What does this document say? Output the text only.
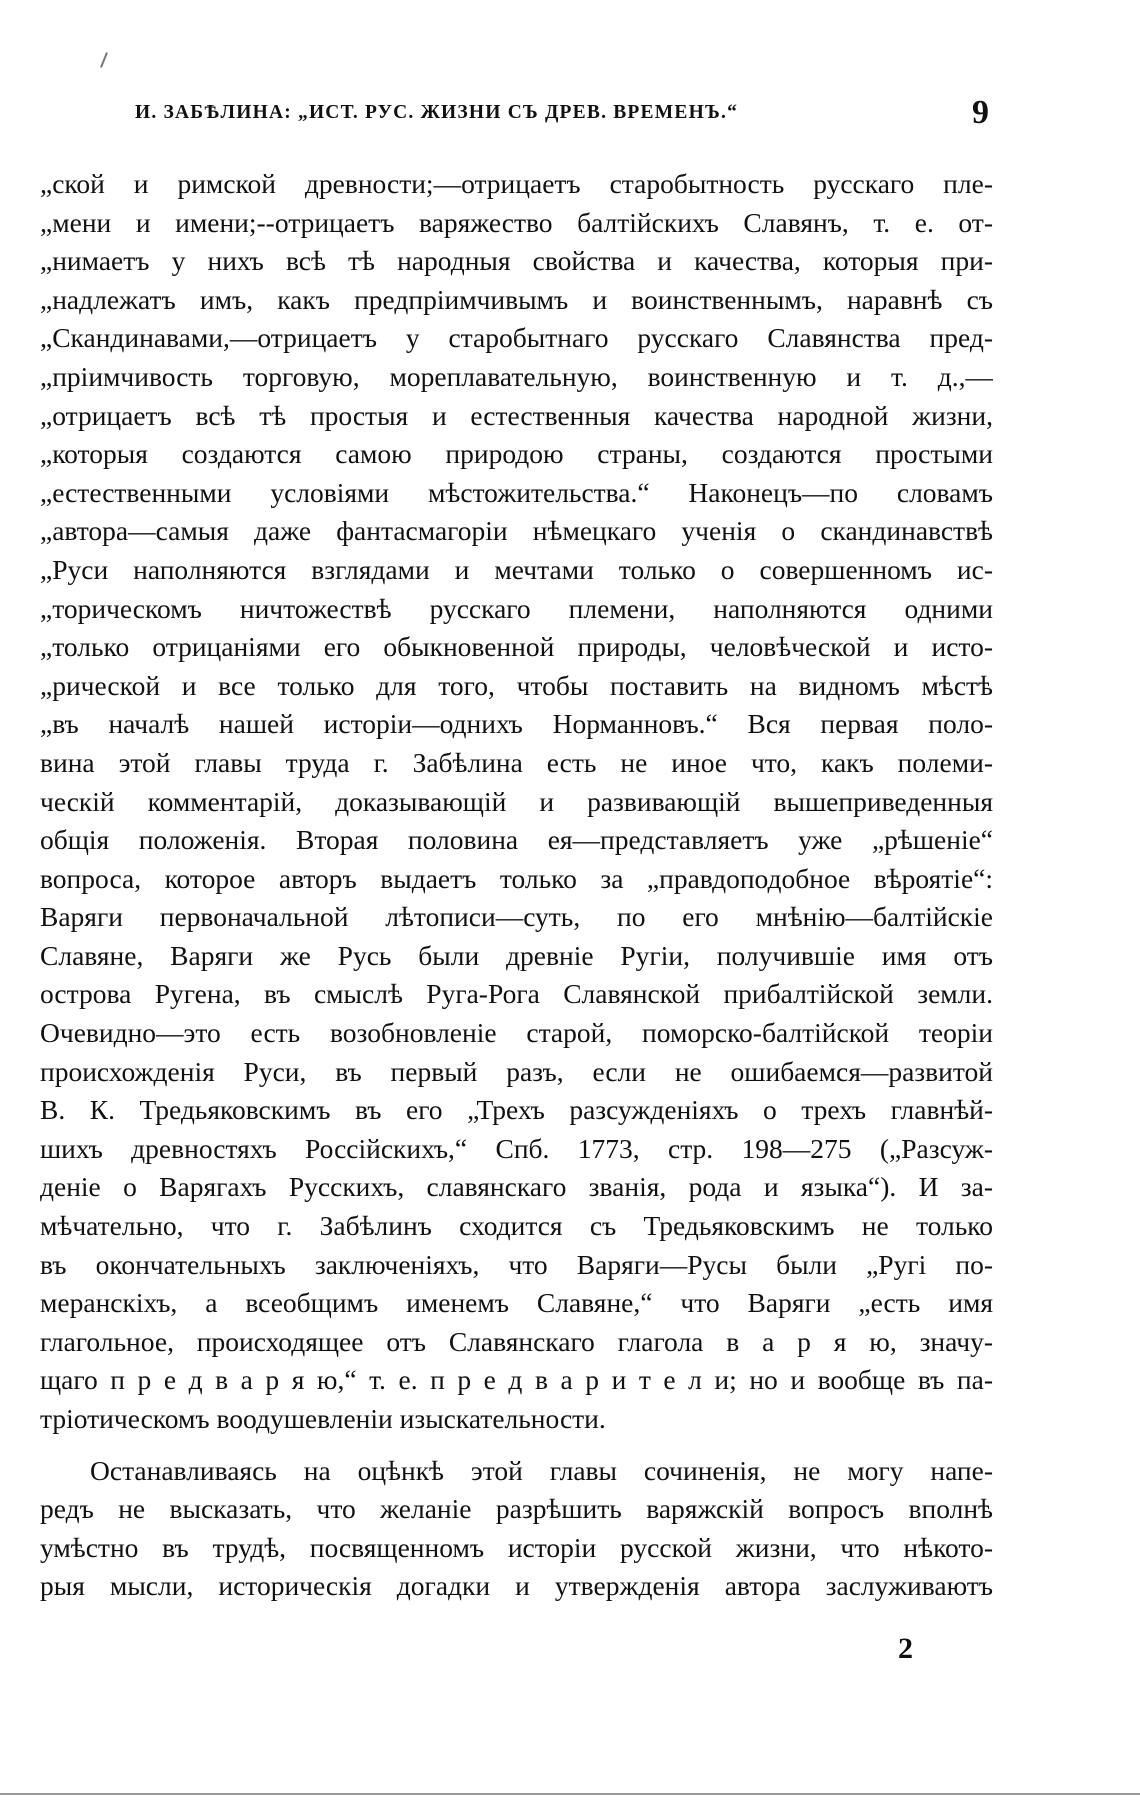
И. ЗАБѢЛИНА: „ИСТ. РУС. ЖИЗНИ СЪ ДРЕВ. ВРЕМЕНЪ.“	9
„ской и римской древности;—отрицаетъ старобытность русскаго пле-
„мени и имени;--отрицаетъ варяжество балтійскихъ Славянъ, т. е. от-
„нимаетъ у нихъ всѣ тѣ народныя свойства и качества, которыя при-
„надлежатъ имъ, какъ предпріимчивымъ и воинственнымъ, наравнѣ съ
„Скандинавами,—отрицаетъ у старобытнаго русскаго Славянства пред-
„пріимчивость торговую, мореплавательную, воинственную и т. д.,—
„отрицаетъ всѣ тѣ простыя и естественныя качества народной жизни,
„которыя создаются самою природою страны, создаются простыми
„естественными условіями мѣстожительства.“ Наконецъ—по словамъ
„автора—самыя даже фантасмагоріи нѣмецкаго ученія о скандинавствѣ
„Руси наполняются взглядами и мечтами только о совершенномъ ис-
„торическомъ ничтожествѣ русскаго племени, наполняются одними
„только отрицаніями его обыкновенной природы, человѣческой и исто-
„рической и все только для того, чтобы поставить на видномъ мѣстѣ
„въ началѣ нашей исторіи—однихъ Норманновъ.“ Вся первая поло-
вина этой главы труда г. Забѣлина есть не иное что, какъ полеми-
ческій комментарій, доказывающій и развивающій вышеприведенныя
общія положенія. Вторая половина ея—представляетъ уже „рѣшеніе“
вопроса, которое авторъ выдаетъ только за „правдоподобное вѣроятіе“:
Варяги первоначальной лѣтописи—суть, по его мнѣнію—балтійскіе
Славяне, Варяги же Русь были древніе Ругіи, получившіе имя отъ
острова Ругена, въ смыслѣ Руга-Рога Славянской прибалтійской земли.
Очевидно—это есть возобновленіе старой, поморско-балтійской теоріи
происхожденія Руси, въ первый разъ, если не ошибаемся—развитой
В. К. Тредьяковскимъ въ его „Трехъ разсужденіяхъ о трехъ главнѣй-
шихъ древностяхъ Россійскихъ,“ Спб. 1773, стр. 198—275 („Разсуж-
деніе о Варягахъ Русскихъ, славянскаго званія, рода и языка“). И за-
мѣчательно, что г. Забѣлинъ сходится съ Тредьяковскимъ не только
въ окончательныхъ заключеніяхъ, что Варяги—Русы были „Ругі по-
меранскіхъ, а всеобщимъ именемъ Славяне,“ что Варяги „есть имя
глагольное, происходящее отъ Славянскаго глагола в а р я ю, значу-
щаго п р е д в а р я ю,“ т. е. п р е д в а р и т е л и; но и вообще въ па-
тріотическомъ воодушевленіи изыскательности.
Останавливаясь на оцѣнкѣ этой главы сочиненія, не могу напе-
редъ не высказать, что желаніе разрѣшить варяжскій вопросъ вполнѣ
умѣстно въ трудѣ, посвященномъ исторіи русской жизни, что нѣкото-
рыя мысли, историческія догадки и утвержденія автора заслуживаютъ
2
